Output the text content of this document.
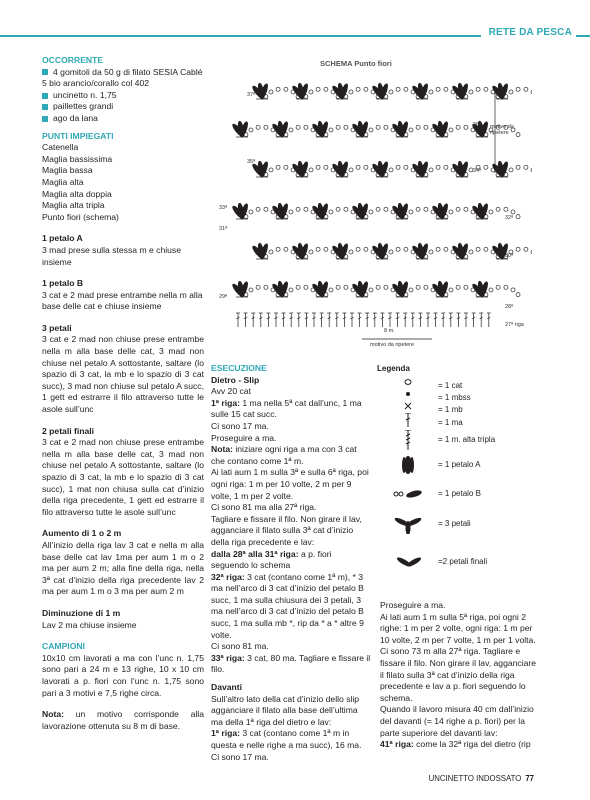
RETE DA PESCA
OCCORRENTE
4 gomitoli da 50 g di filato SESIA Cablé 5 bio arancio/corallo col 402
uncinetto n. 1,75
paillettes grandi
ago da lana
PUNTI IMPIEGATI
Catenella
Maglia bassissima
Maglia bassa
Maglia alta
Maglia alta doppia
Maglia alta tripla
Punto fiori (schema)
1 petalo A
3 mad prese sulla stessa m e chiuse insieme
1 petalo B
3 cat e 2 mad prese entrambe nella m alla base delle cat e chiuse insieme
3 petali
3 cat e 2 mad non chiuse prese entrambe nella m alla base delle cat, 3 mad non chiuse nel petalo A sottostante, saltare (lo spazio di 3 cat, la mb e lo spazio di 3 cat succ), 3 mad non chiuse sul petalo A succ, 1 gett ed estrarre il filo attraverso tutte le asole sull’unc
2 petali finali
3 cat e 2 mad non chiuse prese entrambe nella m alla base delle cat, 3 mad non chiuse nel petalo A sottostante, saltare (lo spazio di 3 cat, la mb e lo spazio di 3 cat succ), 1 mat non chiusa sulla cat d’inizio della riga precedente, 1 gett ed estrarre il filo attraverso tutte le asole sull’unc
Aumento di 1 o 2 m
All’inizio della riga lav 3 cat e nella m alla base delle cat lav 1ma per aum 1 m o 2 ma per aum 2 m; alla fine della riga, nella 3ª cat d’inizio della riga precedente lav 2 ma per aum 1 m o 3 ma per aum 2 m
Diminuzione di 1 m
Lav 2 ma chiuse insieme
CAMPIONI
10x10 cm lavorati a ma con l’unc n. 1,75 sono pari a 24 m e 13 righe, 10 x 10 cm lavorati a p. fiori con l’unc n. 1,75 sono pari a 3 motivi e 7,5 righe circa.
Nota: un motivo corrisponde alla lavorazione ottenuta su 8 m di base.
SCHEMA Punto fiori
37ª
35ª
33ª
31ª
29ª
36ª
34ª
32ª
30ª
28ª
27ª riga
motivo da ripetere
8 m.
motivo da ripetere
ESECUZIONE
Dietro - Slip
Avv 20 cat
1ª riga: 1 ma nella 5ª cat dall’unc, 1 ma sulle 15 cat succ.
Ci sono 17 ma.
Proseguire a ma.
Nota: iniziare ogni riga a ma con 3 cat che contano come 1ª m.
Ai lati aum 1 m sulla 3ª e sulla 6ª riga, poi ogni riga: 1 m per 10 volte, 2 m per 9 volte, 1 m per 2 volte.
Ci sono 81 ma alla 27ª riga.
Tagliare e fissare il filo. Non girare il lav, agganciare il filato sulla 3ª cat d’inizio della riga precedente e lav:
dalla 28ª alla 31ª riga: a p. fiori seguendo lo schema
32ª riga: 3 cat (contano come 1ª m), * 3 ma nell’arco di 3 cat d’inizio del petalo B succ, 1 ma sulla chiusura dei 3 petali, 3 ma nell’arco di 3 cat d’inizio del petalo B succ, 1 ma sulla mb *, rip da * a * altre 9 volte.
Ci sono 81 ma.
33ª riga: 3 cat, 80 ma. Tagliare e fissare il filo.
Davanti
Sull’altro lato della cat d’inizio dello slip agganciare il filato alla base dell’ultima ma della 1ª riga del dietro e lav:
1ª riga: 3 cat (contano come 1ª m in questa e nelle righe a ma succ), 16 ma.
Ci sono 17 ma.
Legenda
= 1 cat
= 1 mbss
= 1 mb
= 1 ma
= 1 m. alta tripla
= 1 petalo A
= 1 petalo B
= 3 petali
=2 petali finali
Proseguire a ma.
Ai lati aum 1 m sulla 5ª riga, poi ogni 2 righe: 1 m per 2 volte, ogni riga: 1 m per 10 volte, 2 m per 7 volte, 1 m per 1 volta.
Ci sono 73 m alla 27ª riga. Tagliare e fissare il filo. Non girare il lav, agganciare il filato sulla 3ª cat d’inizio della riga precedente e lav a p. fiori seguendo lo schema.
Quando il lavoro misura 40 cm dall’inizio del davanti (= 14 righe a p. fiori) per la parte superiore del davanti lav:
41ª riga: come la 32ª riga del dietro (rip
UNCINETTO INDOSSATO 77
